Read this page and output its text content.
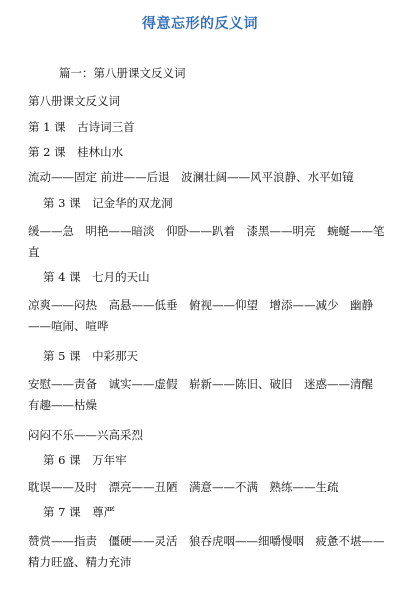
得意忘形的反义词
篇一：第八册课文反义词
第八册课文反义词
第 1 课　古诗词三首
第 2 课　桂林山水
流动——固定 前进——后退　波澜壮阔——风平浪静、水平如镜
第 3 课　记金华的双龙洞
缓——急　明艳——暗淡　仰卧——趴着　漆黑——明亮　蜿蜒——笔直
第 4 课　七月的天山
凉爽——闷热　高悬——低垂　俯视——仰望　增添——减少　幽静——喧闹、喧哗
第 5 课　中彩那天
安慰——责备　诚实——虚假　崭新——陈旧、破旧　迷惑——清醒　有趣——枯燥
闷闷不乐——兴高采烈
第 6 课　万年牢
耽误——及时　漂亮——丑陋　满意——不满　熟练——生疏
第 7 课　尊严
赞赏——指责　僵硬——灵活　狼吞虎咽——细嚼慢咽　疲惫不堪——精力旺盛、精力充沛
